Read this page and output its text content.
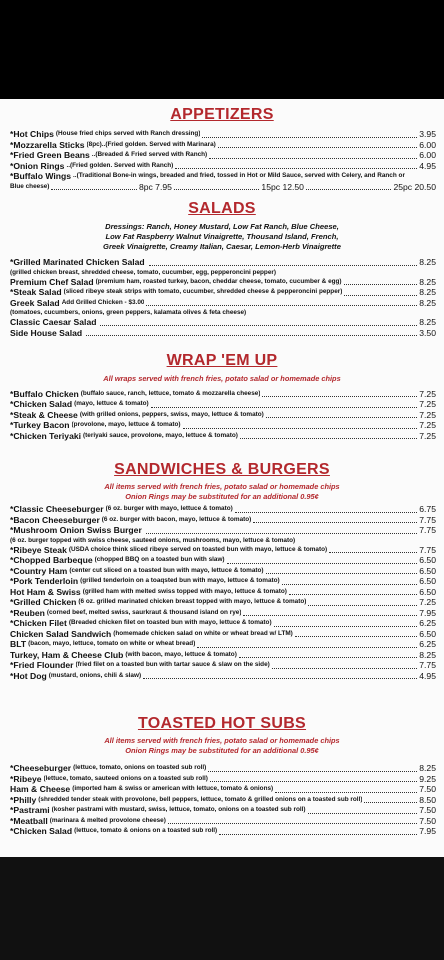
APPETIZERS
*Hot Chips (House fried chips served with Ranch dressing)	3.95
*Mozzarella Sticks (8pc)..(Fried golden. Served with Marinara)	6.00
*Fried Green Beans ..(Breaded & Fried served with Ranch)	6.00
*Onion Rings ..(Fried golden. Served with Ranch)	4.95
*Buffalo Wings ..(Traditional Bone-in wings, breaded and fried, tossed in Hot or Mild Sauce, served with Celery, and Ranch or
Blue cheese)	8pc 7.95	15pc 12.50	25pc 20.50
SALADS
Dressings: Ranch, Honey Mustard, Low Fat Ranch, Blue Cheese,
Low Fat Raspberry Walnut Vinaigrette, Thousand Island, French,
Greek Vinaigrette, Creamy Italian, Caesar, Lemon-Herb Vinaigrette
*Grilled Marinated Chicken Salad	8.25
(grilled chicken breast, shredded cheese, tomato, cucumber, egg, pepperoncini pepper)
Premium Chef Salad (premium ham, roasted turkey, bacon, cheddar cheese, tomato, cucumber & egg)	8.25
*Steak Salad (sliced ribeye steak strips with tomato, cucumber, shredded cheese & pepperoncini pepper)	8.25
Greek Salad Add Grilled Chicken - $3.00	8.25
(tomatoes, cucumbers, onions, green peppers, kalamata olives & feta cheese)
Classic Caesar Salad	8.25
Side House Salad	3.50
WRAP 'EM UP
All wraps served with french fries, potato salad or homemade chips
*Buffalo Chicken (buffalo sauce, ranch, lettuce, tomato & mozzarella cheese)	7.25
*Chicken Salad (mayo, lettuce & tomato)	7.25
*Steak & Cheese (with grilled onions, peppers, swiss, mayo, lettuce & tomato)	7.25
*Turkey Bacon (provolone, mayo, lettuce & tomato)	7.25
*Chicken Teriyaki (teriyaki sauce, provolone, mayo, lettuce & tomato)	7.25
SANDWICHES & BURGERS
All items served with french fries, potato salad or homemade chips
Onion Rings may be substituted for an additional 0.95¢
*Classic Cheeseburger (6 oz. burger with mayo, lettuce & tomato)	6.75
*Bacon Cheeseburger (6 oz. burger with bacon, mayo, lettuce & tomato)	7.75
*Mushroom Onion Swiss Burger	7.75
(6 oz. burger topped with swiss cheese, sauteed onions, mushrooms, mayo, lettuce & tomato)
*Ribeye Steak (USDA choice think sliced ribeye served on toasted bun with mayo, lettuce & tomato)	7.75
*Chopped Barbeque (chopped BBQ on a toasted bun with slaw)	6.50
*Country Ham (center cut sliced on a toasted bun with mayo, lettuce & tomato)	6.50
*Pork Tenderloin (grilled tenderloin on a toaqsted bun with mayo, lettuce & tomato)	6.50
Hot Ham & Swiss (grilled ham with melted swiss topped with mayo, lettuce & tomato)	6.50
*Grilled Chicken (6 oz. grilled marinated chicken breast topped with mayo, lettuce & tomato)	7.25
*Reuben (corned beef, melted swiss, saurkraut & thousand island on rye)	7.95
*Chicken Filet (Breaded chicken filet on toasted bun with mayo, lettuce & tomato)	6.25
Chicken Salad Sandwich (homemade chicken salad on white or wheat bread w/ LTM)	6.50
BLT (bacon, mayo, lettuce, tomato on white or wheat bread)	6.25
Turkey, Ham & Cheese Club (with bacon, mayo, lettuce & tomato)	8.25
*Fried Flounder (fried filet on a toasted bun with tartar sauce & slaw on the side)	7.75
*Hot Dog (mustard, onions, chili & slaw)	4.95
TOASTED HOT SUBS
All items served with french fries, potato salad or homemade chips
Onion Rings may be substituted for an additional 0.95¢
*Cheeseburger (lettuce, tomato, onions on toasted sub roll)	8.25
*Ribeye (lettuce, tomato, sauteed onions on a toasted sub roll)	9.25
Ham & Cheese (imported ham & swiss or american with lettuce, tomato & onions)	7.50
*Philly (shredded tender steak with provolone, bell peppers, lettuce, tomato & grilled onions on a toasted sub roll)	8.50
*Pastrami (kosher pastrami with mustard, swiss, lettuce, tomato, onions on a toasted sub roll)	7.50
*Meatball (marinara & melted provolone cheese)	7.50
*Chicken Salad (lettuce, tomato & onions on a toasted sub roll)	7.95
